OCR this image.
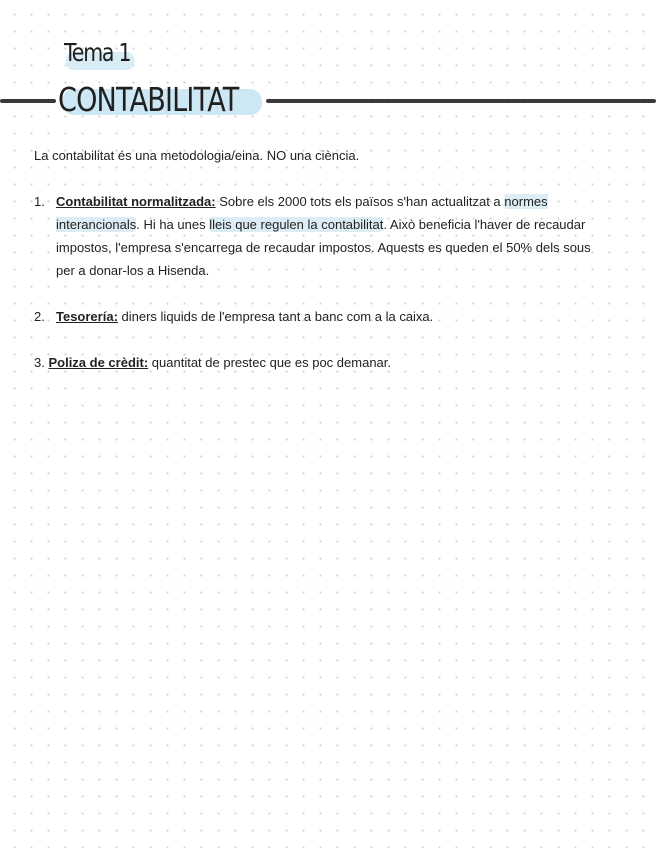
Tema 1
CONTABILITAT
La contabilitat és una metodologia/eina. NO una ciència.
1. Contabilitat normalitzada: Sobre els 2000 tots els països s'han actualitzat a normes interancionals. Hi ha unes lleis que regulen la contabilitat. Això beneficia l'haver de recaudar impostos, l'empresa s'encarrega de recaudar impostos. Aquests es queden el 50% dels sous per a donar-los a Hisenda.
2. Tesorería: diners liquids de l'empresa tant a banc com a la caixa.
3. Poliza de crèdit: quantitat de prestec que es poc demanar.
